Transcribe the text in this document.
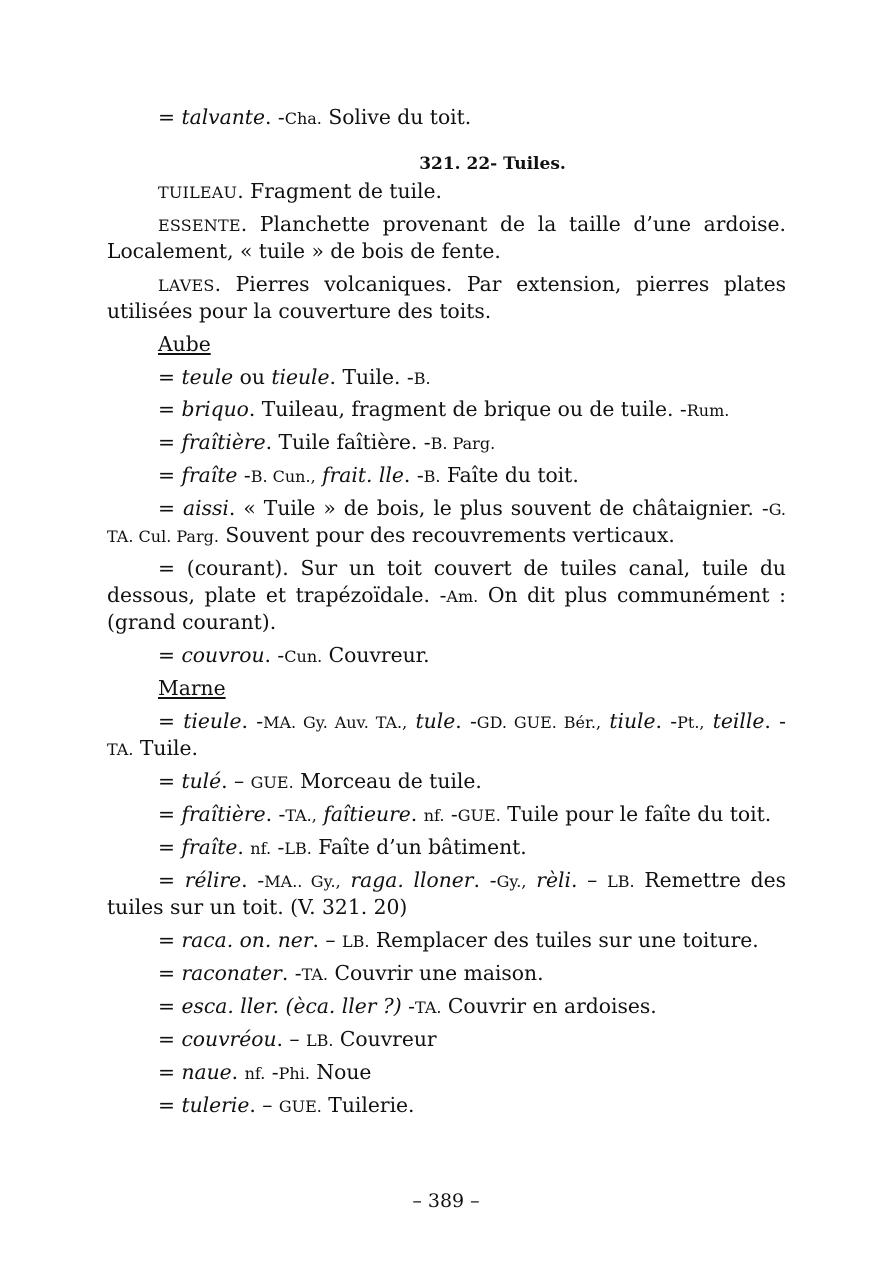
= talvante. -Cha. Solive du toit.

321. 22- Tuiles.

TUILEAU. Fragment de tuile.

ESSENTE. Planchette provenant de la taille d’une ardoise. Localement, « tuile » de bois de fente.

LAVES. Pierres volcaniques. Par extension, pierres plates utilisées pour la couverture des toits.

Aube

= teule ou tieule. Tuile. -B.

= briquo. Tuileau, fragment de brique ou de tuile. -Rum.

= fraîtière. Tuile faîtière. -B. Parg.

= fraîte -B. Cun., frait. lle. -B. Faîte du toit.

= aissi. « Tuile » de bois, le plus souvent de châtaignier. -G. TA. Cul. Parg. Souvent pour des recouvrements verticaux.

= (courant). Sur un toit couvert de tuiles canal, tuile du dessous, plate et trapézoïdale. -Am. On dit plus communément : (grand courant).

= couvrou. -Cun. Couvreur.

Marne

= tieule. -MA. Gy. Auv. TA., tule. -GD. GUE. Bér., tiule. -Pt., teille. -TA. Tuile.

= tulé. – GUE. Morceau de tuile.

= fraîtière. -TA., faîtieure. nf. -GUE. Tuile pour le faîte du toit.

= fraîte. nf. -LB. Faîte d’un bâtiment.

= rélire. -MA.. Gy., raga. lloner. -Gy., rèli. – LB. Remettre des tuiles sur un toit. (V. 321. 20)

= raca. on. ner. – LB. Remplacer des tuiles sur une toiture.

= raconater. -TA. Couvrir une maison.

= esca. ller. (èca. ller ?) -TA. Couvrir en ardoises.

= couvréou. – LB. Couvreur

= naue. nf. -Phi. Noue

= tulerie. – GUE. Tuilerie.

– 389 –
